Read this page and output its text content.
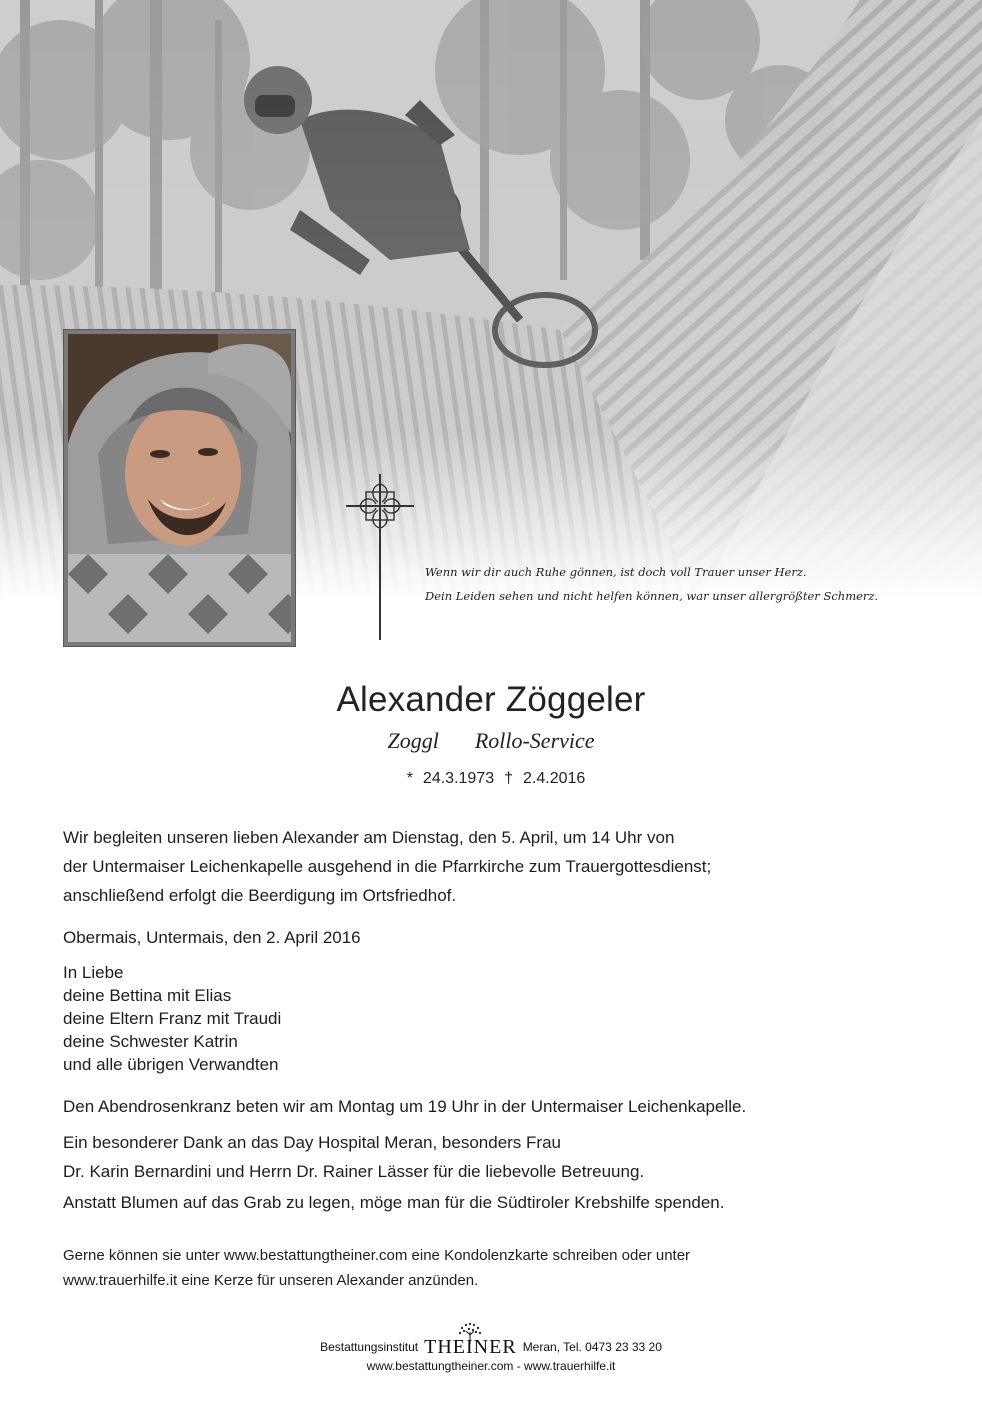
Wenn wir dir auch Ruhe gönnen, ist doch voll Trauer unser Herz.
Dein Leiden sehen und nicht helfen können, war unser allergrößter Schmerz.
Alexander Zöggeler
Zoggl Rollo-Service
* 24.3.1973 † 2.4.2016
Wir begleiten unseren lieben Alexander am Dienstag, den 5. April, um 14 Uhr von
der Untermaiser Leichenkapelle ausgehend in die Pfarrkirche zum Trauergottesdienst;
anschließend erfolgt die Beerdigung im Ortsfriedhof.
Obermais, Untermais, den 2. April 2016
In Liebe
deine Bettina mit Elias
deine Eltern Franz mit Traudi
deine Schwester Katrin
und alle übrigen Verwandten
Den Abendrosenkranz beten wir am Montag um 19 Uhr in der Untermaiser Leichenkapelle.
Ein besonderer Dank an das Day Hospital Meran, besonders Frau
Dr. Karin Bernardini und Herrn Dr. Rainer Lässer für die liebevolle Betreuung.
Anstatt Blumen auf das Grab zu legen, möge man für die Südtiroler Krebshilfe spenden.
Gerne können sie unter www.bestattungtheiner.com eine Kondolenzkarte schreiben oder unter
www.trauerhilfe.it eine Kerze für unseren Alexander anzünden.
Bestattungsinstitut THEINER Meran, Tel. 0473 23 33 20
www.bestattungtheiner.com - www.trauerhilfe.it
